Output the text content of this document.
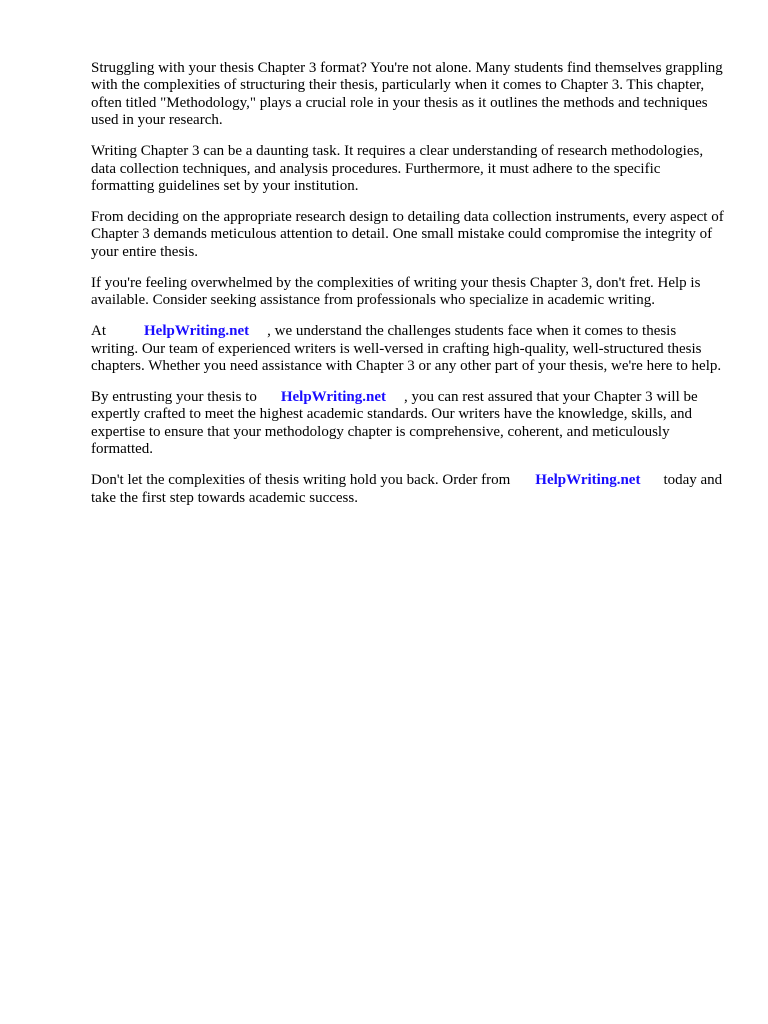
Struggling with your thesis Chapter 3 format? You're not alone. Many students find themselves grappling with the complexities of structuring their thesis, particularly when it comes to Chapter 3. This chapter, often titled "Methodology," plays a crucial role in your thesis as it outlines the methods and techniques used in your research.

Writing Chapter 3 can be a daunting task. It requires a clear understanding of research methodologies, data collection techniques, and analysis procedures. Furthermore, it must adhere to the specific formatting guidelines set by your institution.

From deciding on the appropriate research design to detailing data collection instruments, every aspect of Chapter 3 demands meticulous attention to detail. One small mistake could compromise the integrity of your entire thesis.

If you're feeling overwhelmed by the complexities of writing your thesis Chapter 3, don't fret. Help is available. Consider seeking assistance from professionals who specialize in academic writing.

At	HelpWriting.net , we understand the challenges students face when it comes to thesis writing. Our team of experienced writers is well-versed in crafting high-quality, well-structured thesis chapters. Whether you need assistance with Chapter 3 or any other part of your thesis, we're here to help.

By entrusting your thesis to HelpWriting.net , you can rest assured that your Chapter 3 will be expertly crafted to meet the highest academic standards. Our writers have the knowledge, skills, and expertise to ensure that your methodology chapter is comprehensive, coherent, and meticulously formatted.

Don't let the complexities of thesis writing hold you back. Order from HelpWriting.net today and take the first step towards academic success.
